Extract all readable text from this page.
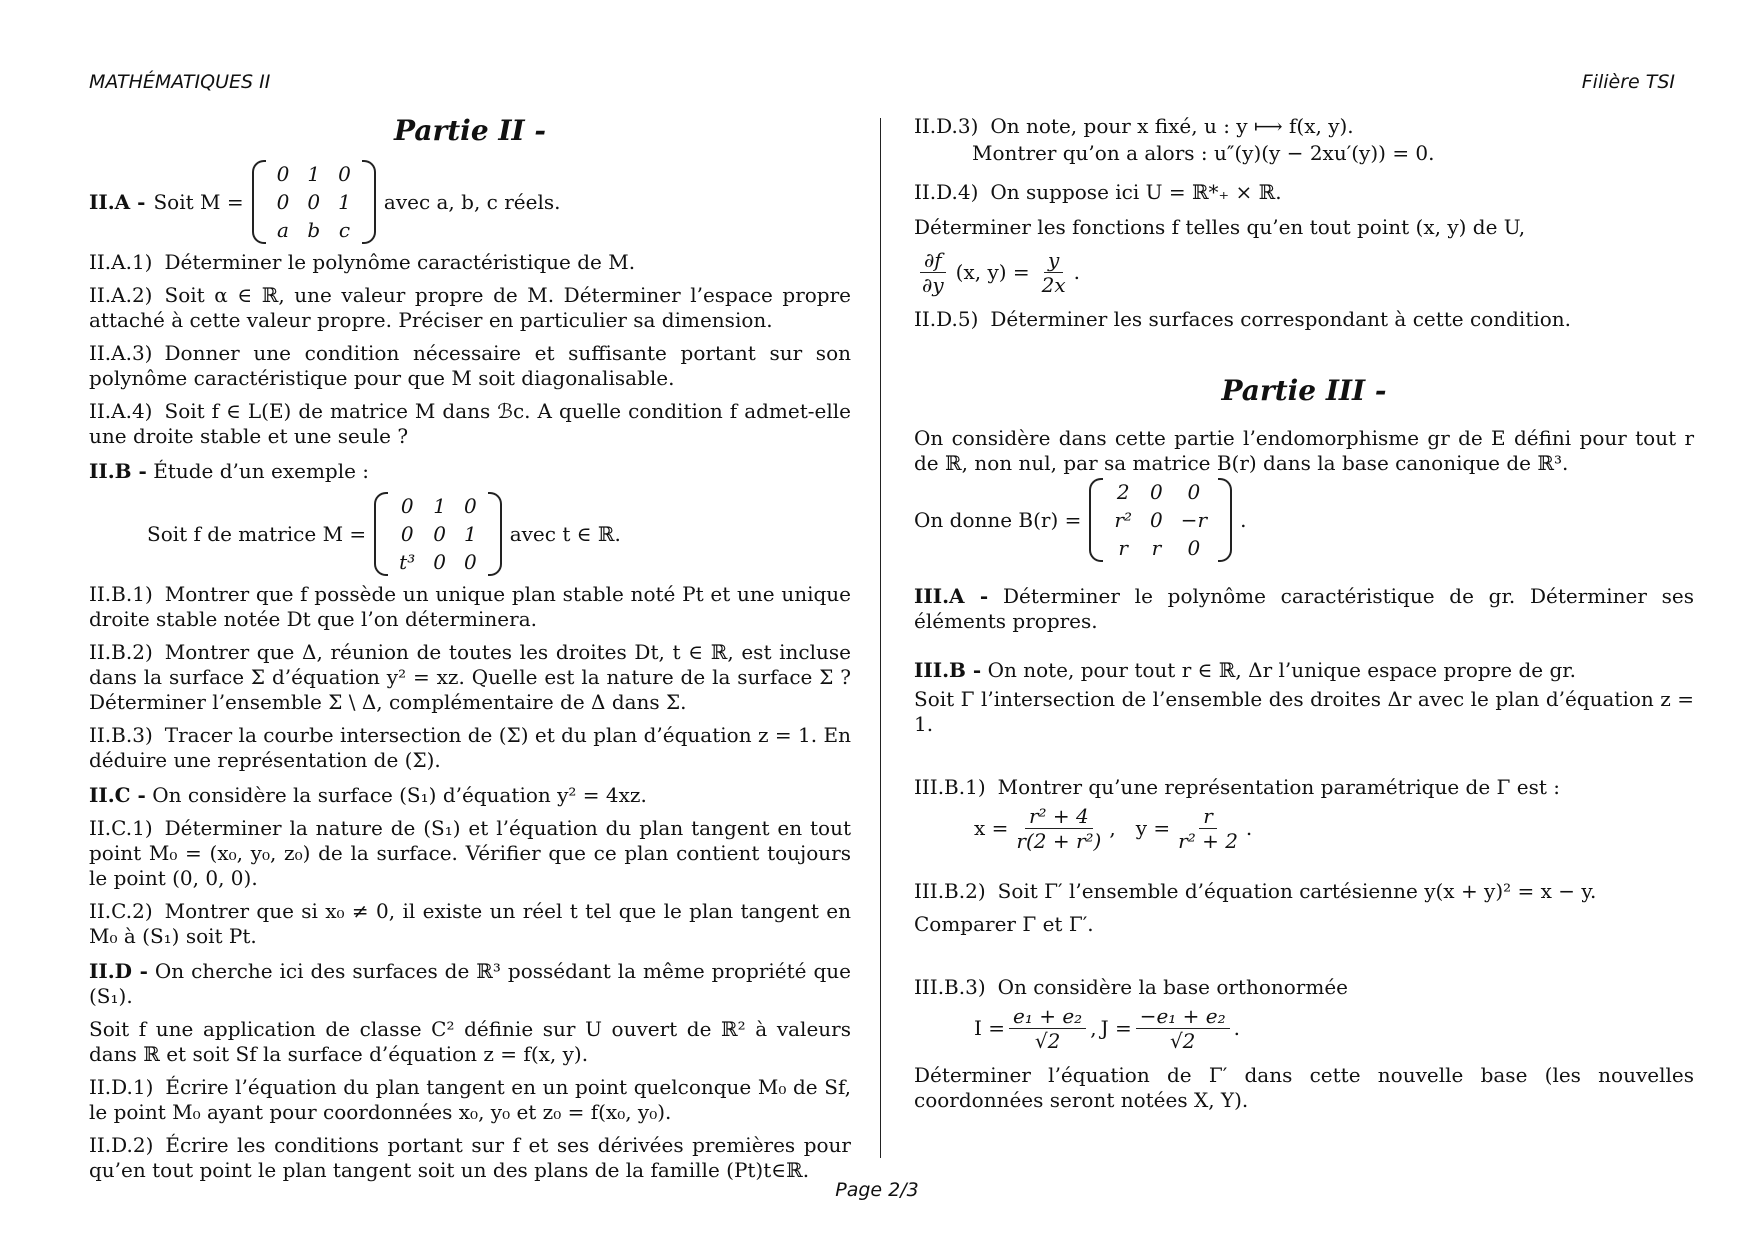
MATHÉMATIQUES II	Filière TSI
Partie II -
II.A - Soit M =
0	1	0
0	0	1
a	b	c
avec a, b, c réels.

II.A.1) Déterminer le polynôme caractéristique de M.

II.A.2) Soit α ∈ ℝ, une valeur propre de M. Déterminer l’espace propre attaché à cette valeur propre. Préciser en particulier sa dimension.

II.A.3) Donner une condition nécessaire et suffisante portant sur son polynôme caractéristique pour que M soit diagonalisable.

II.A.4) Soit f ∈ L(E) de matrice M dans ℬc. A quelle condition f admet-elle une droite stable et une seule ?

II.B - Étude d’un exemple :

Soit f de matrice M =
0	1	0
0	0	1
t³	0	0
avec t ∈ ℝ.

II.B.1) Montrer que f possède un unique plan stable noté Pt et une unique droite stable notée Dt que l’on déterminera.

II.B.2) Montrer que Δ, réunion de toutes les droites Dt, t ∈ ℝ, est incluse dans la surface Σ d’équation y² = xz. Quelle est la nature de la surface Σ ? Déterminer l’ensemble Σ \ Δ, complémentaire de Δ dans Σ.

II.B.3) Tracer la courbe intersection de (Σ) et du plan d’équation z = 1. En déduire une représentation de (Σ).

II.C - On considère la surface (S₁) d’équation y² = 4xz.

II.C.1) Déterminer la nature de (S₁) et l’équation du plan tangent en tout point M₀ = (x₀, y₀, z₀) de la surface. Vérifier que ce plan contient toujours le point (0, 0, 0).

II.C.2) Montrer que si x₀ ≠ 0, il existe un réel t tel que le plan tangent en M₀ à (S₁) soit Pt.

II.D - On cherche ici des surfaces de ℝ³ possédant la même propriété que (S₁).

Soit f une application de classe C² définie sur U ouvert de ℝ² à valeurs dans ℝ et soit Sf la surface d’équation z = f(x, y).

II.D.1) Écrire l’équation du plan tangent en un point quelconque M₀ de Sf, le point M₀ ayant pour coordonnées x₀, y₀ et z₀ = f(x₀, y₀).

II.D.2) Écrire les conditions portant sur f et ses dérivées premières pour qu’en tout point le plan tangent soit un des plans de la famille (Pt)t∈ℝ.

II.D.3) On note, pour x fixé, u : y ⟼ f(x, y).

Montrer qu’on a alors : u″(y)(y − 2xu′(y)) = 0.

II.D.4) On suppose ici U = ℝ*₊ × ℝ.

Déterminer les fonctions f telles qu’en tout point (x, y) de U,

$\frac{\partial f}{\partial y} (x$, $y) = \frac{y}{2x}$ .

II.D.5) Déterminer les surfaces correspondant à cette condition.

Partie III -

On considère dans cette partie l’endomorphisme gr de E défini pour tout r de ℝ, non nul, par sa matrice B(r) dans la base canonique de ℝ³.

On donne B(r) =
2	0	0
r²	0	−r
r	r	0
.

III.A - Déterminer le polynôme caractéristique de gr. Déterminer ses éléments propres.

III.B - On note, pour tout r ∈ ℝ, Δr l’unique espace propre de gr.

Soit Γ l’intersection de l’ensemble des droites Δr avec le plan d’équation z = 1.

III.B.1) Montrer qu’une représentation paramétrique de Γ est :

$x = \frac{\text{r² + 4}}{\text{r(2 + r²)}}$ , $y = \frac{r}{\text{r² + 2}}$ .

III.B.2) Soit Γ′ l’ensemble d’équation cartésienne y(x + y)² = x − y.

Comparer Γ et Γ′.

III.B.3) On considère la base orthonormée

$I = \frac{\text{e₁ + e₂}}{√2}$ , $J = \frac{\text{−e₁ + e₂}}{√2}$ .

Déterminer l’équation de Γ′ dans cette nouvelle base (les nouvelles coordonnées seront notées X, Y).

Page 2/3
